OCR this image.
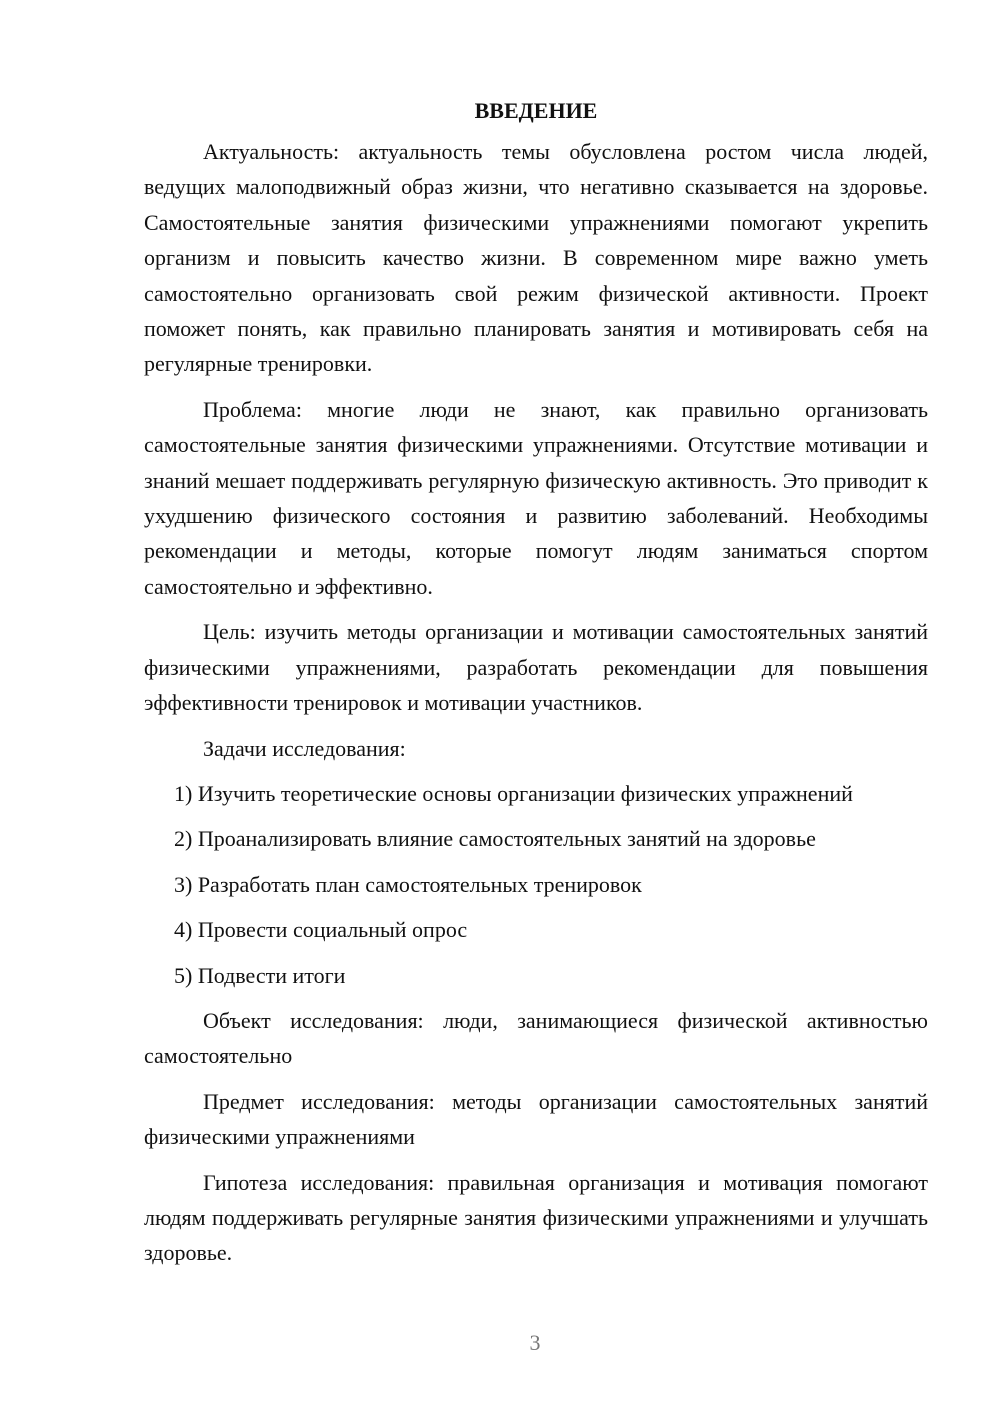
ВВЕДЕНИЕ

Актуальность: актуальность темы обусловлена ростом числа людей, ведущих малоподвижный образ жизни, что негативно сказывается на здоровье. Самостоятельные занятия физическими упражнениями помогают укрепить организм и повысить качество жизни. В современном мире важно уметь самостоятельно организовать свой режим физической активности. Проект поможет понять, как правильно планировать занятия и мотивировать себя на регулярные тренировки.

Проблема: многие люди не знают, как правильно организовать самостоятельные занятия физическими упражнениями. Отсутствие мотивации и знаний мешает поддерживать регулярную физическую активность. Это приводит к ухудшению физического состояния и развитию заболеваний. Необходимы рекомендации и методы, которые помогут людям заниматься спортом самостоятельно и эффективно.

Цель: изучить методы организации и мотивации самостоятельных занятий физическими упражнениями, разработать рекомендации для повышения эффективности тренировок и мотивации участников.

Задачи исследования:

1) Изучить теоретические основы организации физических упражнений

2) Проанализировать влияние самостоятельных занятий на здоровье

3) Разработать план самостоятельных тренировок

4) Провести социальный опрос

5) Подвести итоги

Объект исследования: люди, занимающиеся физической активностью самостоятельно

Предмет исследования: методы организации самостоятельных занятий физическими упражнениями

Гипотеза исследования: правильная организация и мотивация помогают людям поддерживать регулярные занятия физическими упражнениями и улучшать здоровье.

3
